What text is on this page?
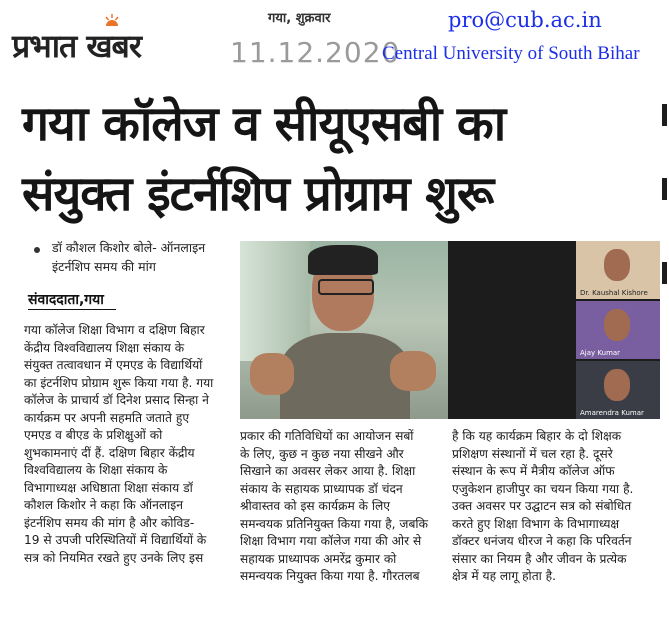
प्रभात खबर
गया, शुक्रवार
11.12.2020
pro@cub.ac.in
Central University of South Bihar
गया कॉलेज व सीयूएसबी का
संयुक्त इंटर्नशिप प्रोग्राम शुरू
डॉ कौशल किशोर बोले- ऑनलाइन
इंटर्नशिप समय की मांग
संवाददाता,गया	Dr. Kaushal Kishore
Ajay Kumar
Amarendra Kumar
गया कॉलेज शिक्षा विभाग व दक्षिण बिहार
केंद्रीय विश्वविद्यालय शिक्षा संकाय के
संयुक्त तत्वावधान में एमएड के विद्यार्थियों
का इंटर्नशिप प्रोग्राम शुरू किया गया है. गया
कॉलेज के प्राचार्य डॉ दिनेश प्रसाद सिन्हा ने
कार्यक्रम पर अपनी सहमति जताते हुए
एमएड व बीएड के प्रशिक्षुओं को
शुभकामनाएं दीं हैं. दक्षिण बिहार केंद्रीय
विश्वविद्यालय के शिक्षा संकाय के
विभागाध्यक्ष अधिष्ठाता शिक्षा संकाय डॉ
कौशल किशोर ने कहा कि ऑनलाइन
इंटर्नशिप समय की मांग है और कोविड-
19 से उपजी परिस्थितियों में विद्यार्थियों के
सत्र को नियमित रखते हुए उनके लिए इस
प्रकार की गतिविधियों का आयोजन सबों
के लिए, कुछ न कुछ नया सीखने और
सिखाने का अवसर लेकर आया है. शिक्षा
संकाय के सहायक प्राध्यापक डॉ चंदन
श्रीवास्तव को इस कार्यक्रम के लिए
समन्वयक प्रतिनियुक्त किया गया है, जबकि
शिक्षा विभाग गया कॉलेज गया की ओर से
सहायक प्राध्यापक अमरेंद्र कुमार को
समन्वयक नियुक्त किया गया है. गौरतलब
है कि यह कार्यक्रम बिहार के दो शिक्षक
प्रशिक्षण संस्थानों में चल रहा है. दूसरे
संस्थान के रूप में मैत्रीय कॉलेज ऑफ
एजुकेशन हाजीपुर का चयन किया गया है.
उक्त अवसर पर उद्घाटन सत्र को संबोधित
करते हुए शिक्षा विभाग के विभागाध्यक्ष
डॉक्टर धनंजय धीरज ने कहा कि परिवर्तन
संसार का नियम है और जीवन के प्रत्येक
क्षेत्र में यह लागू होता है.
